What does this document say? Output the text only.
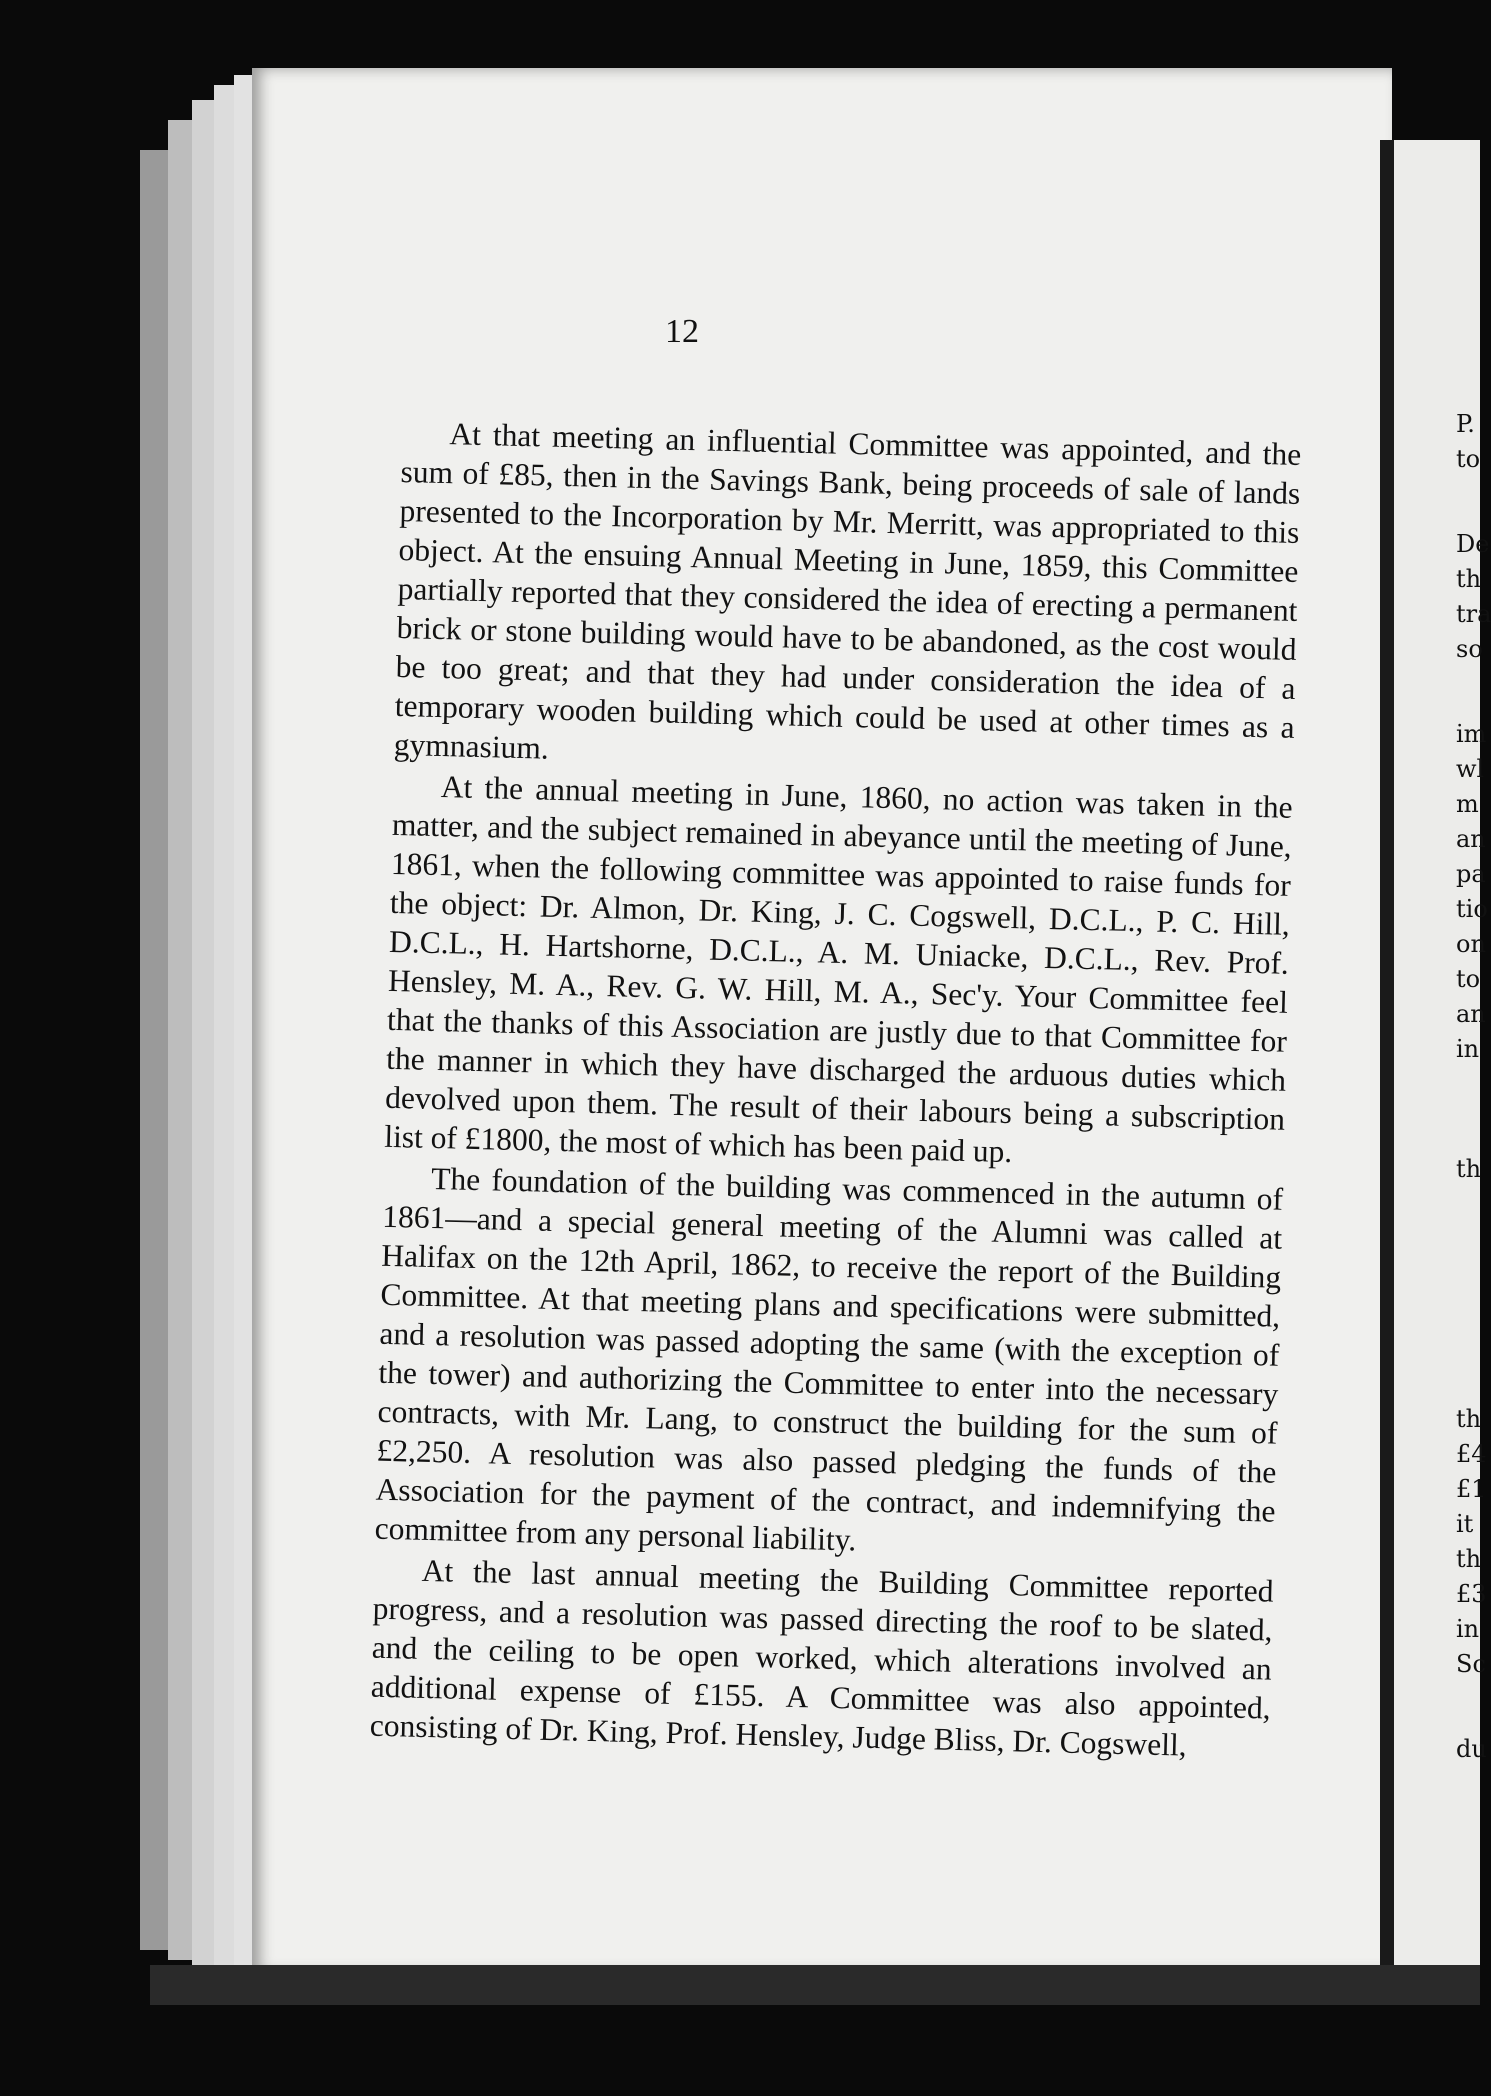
12

At that meeting an influential Committee was appointed, and the sum of £85, then in the Savings Bank, being proceeds of sale of lands presented to the Incorporation by Mr. Merritt, was appropriated to this object. At the ensuing Annual Meeting in June, 1859, this Committee partially reported that they considered the idea of erecting a permanent brick or stone building would have to be abandoned, as the cost would be too great; and that they had under consideration the idea of a temporary wooden building which could be used at other times as a gymnasium.

At the annual meeting in June, 1860, no action was taken in the matter, and the subject remained in abeyance until the meeting of June, 1861, when the following committee was appointed to raise funds for the object: Dr. Almon, Dr. King, J. C. Cogswell, D.C.L., P. C. Hill, D.C.L., H. Hartshorne, D.C.L., A. M. Uniacke, D.C.L., Rev. Prof. Hensley, M. A., Rev. G. W. Hill, M. A., Sec'y. Your Committee feel that the thanks of this Association are justly due to that Committee for the manner in which they have discharged the arduous duties which devolved upon them. The result of their labours being a subscription list of £1800, the most of which has been paid up.

The foundation of the building was commenced in the autumn of 1861—and a special general meeting of the Alumni was called at Halifax on the 12th April, 1862, to receive the report of the Building Committee. At that meeting plans and specifications were submitted, and a resolution was passed adopting the same (with the exception of the tower) and authorizing the Committee to enter into the necessary contracts, with Mr. Lang, to construct the building for the sum of £2,250. A resolution was also passed pledging the funds of the Association for the payment of the contract, and indemnifying the committee from any personal liability.

At the last annual meeting the Building Committee reported progress, and a resolution was passed directing the roof to be slated, and the ceiling to be open worked, which alterations involved an additional expense of £155. A Committee was also appointed, consisting of Dr. King, Prof. Hensley, Judge Bliss, Dr. Cogswell,

P.
to
De
th
tra
so
im
wl
m
an
pa
tio
on
to
an
in
th
th
£4
£1
it
th
£3
in
Sc
du
